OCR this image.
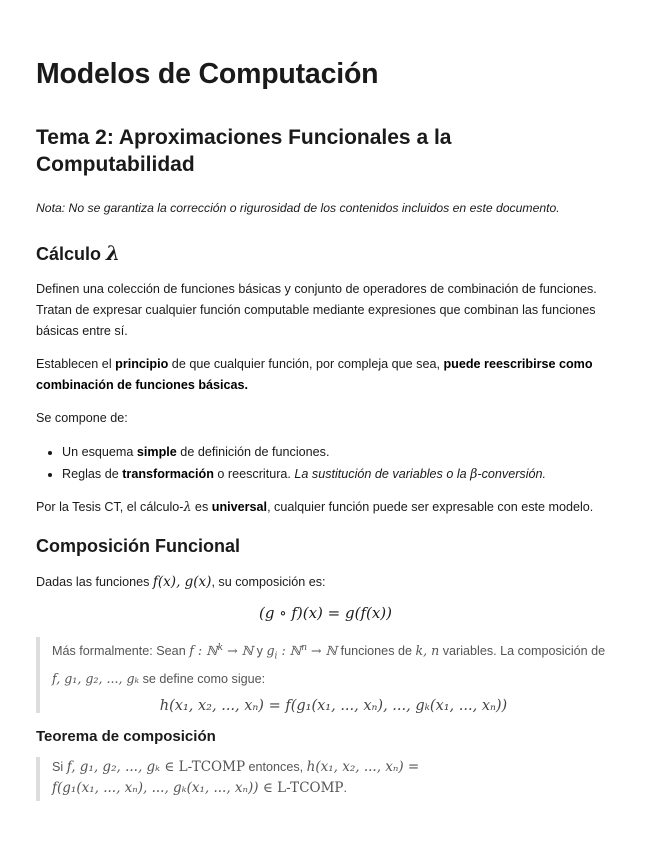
Modelos de Computación
Tema 2: Aproximaciones Funcionales a la Computabilidad

Nota: No se garantiza la corrección o rigurosidad de los contenidos incluidos en este documento.

Cálculo λ

Definen una colección de funciones básicas y conjunto de operadores de combinación de funciones. Tratan de expresar cualquier función computable mediante expresiones que combinan las funciones básicas entre sí.

Establecen el principio de que cualquier función, por compleja que sea, puede reescribirse como combinación de funciones básicas.

Se compone de:

• Un esquema simple de definición de funciones.
• Reglas de transformación o reescritura. La sustitución de variables o la β-conversión.

Por la Tesis CT, el cálculo-λ es universal, cualquier función puede ser expresable con este modelo.

Composición Funcional

Dadas las funciones f(x), g(x), su composición es:

(g ∘ f)(x) = g(f(x))

Más formalmente: Sean f : ℕ$^k$ → ℕ y $g_i$ : ℕ$^n$ → ℕ funciones de k, n variables. La composición de f, g₁, g₂, ..., gₖ se define como sigue:

h(x₁, x₂, ..., xₙ) = f(g₁(x₁, ..., xₙ), ..., gₖ(x₁, ..., xₙ))
Teorema de composición

Si f, g₁, g₂, ..., gₖ ∈ L-TCOMP entonces, h(x₁, x₂, ..., xₙ) =
f(g₁(x₁, ..., xₙ), ..., gₖ(x₁, ..., xₙ)) ∈ L-TCOMP.
